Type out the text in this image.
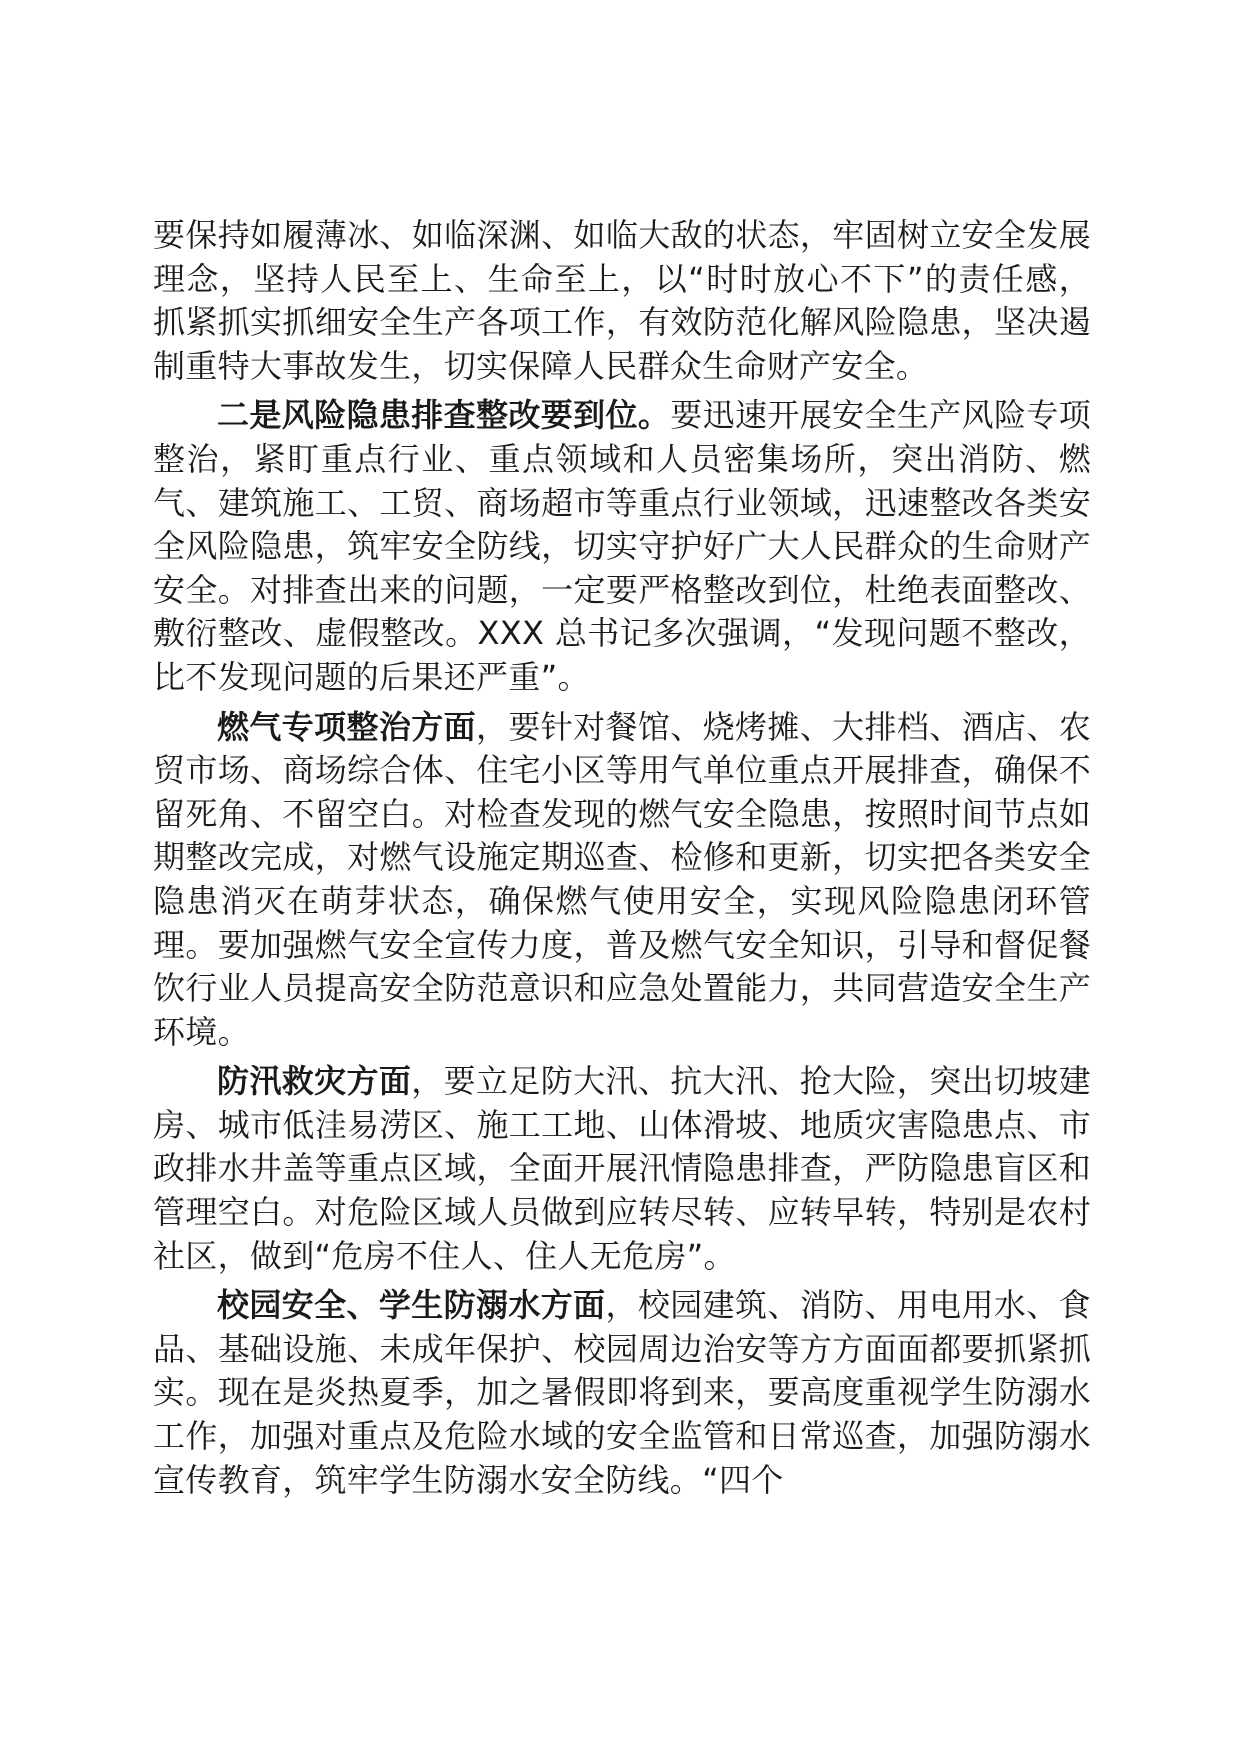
要保持如履薄冰、如临深渊、如临大敌的状态，牢固树立安全发展理念，坚持人民至上、生命至上，以“时时放心不下”的责任感，抓紧抓实抓细安全生产各项工作，有效防范化解风险隐患，坚决遏制重特大事故发生，切实保障人民群众生命财产安全。

二是风险隐患排查整改要到位。要迅速开展安全生产风险专项整治，紧盯重点行业、重点领域和人员密集场所，突出消防、燃气、建筑施工、工贸、商场超市等重点行业领域，迅速整改各类安全风险隐患，筑牢安全防线，切实守护好广大人民群众的生命财产安全。对排查出来的问题，一定要严格整改到位，杜绝表面整改、敷衍整改、虚假整改。XXX 总书记多次强调，“发现问题不整改，比不发现问题的后果还严重”。

燃气专项整治方面，要针对餐馆、烧烤摊、大排档、酒店、农贸市场、商场综合体、住宅小区等用气单位重点开展排查，确保不留死角、不留空白。对检查发现的燃气安全隐患，按照时间节点如期整改完成，对燃气设施定期巡查、检修和更新，切实把各类安全隐患消灭在萌芽状态，确保燃气使用安全，实现风险隐患闭环管理。要加强燃气安全宣传力度，普及燃气安全知识，引导和督促餐饮行业人员提高安全防范意识和应急处置能力，共同营造安全生产环境。

防汛救灾方面，要立足防大汛、抗大汛、抢大险，突出切坡建房、城市低洼易涝区、施工工地、山体滑坡、地质灾害隐患点、市政排水井盖等重点区域，全面开展汛情隐患排查，严防隐患盲区和管理空白。对危险区域人员做到应转尽转、应转早转，特别是农村社区，做到“危房不住人、住人无危房”。

校园安全、学生防溺水方面，校园建筑、消防、用电用水、食品、基础设施、未成年保护、校园周边治安等方方面面都要抓紧抓实。现在是炎热夏季，加之暑假即将到来，要高度重视学生防溺水工作，加强对重点及危险水域的安全监管和日常巡查，加强防溺水宣传教育，筑牢学生防溺水安全防线。“四个
